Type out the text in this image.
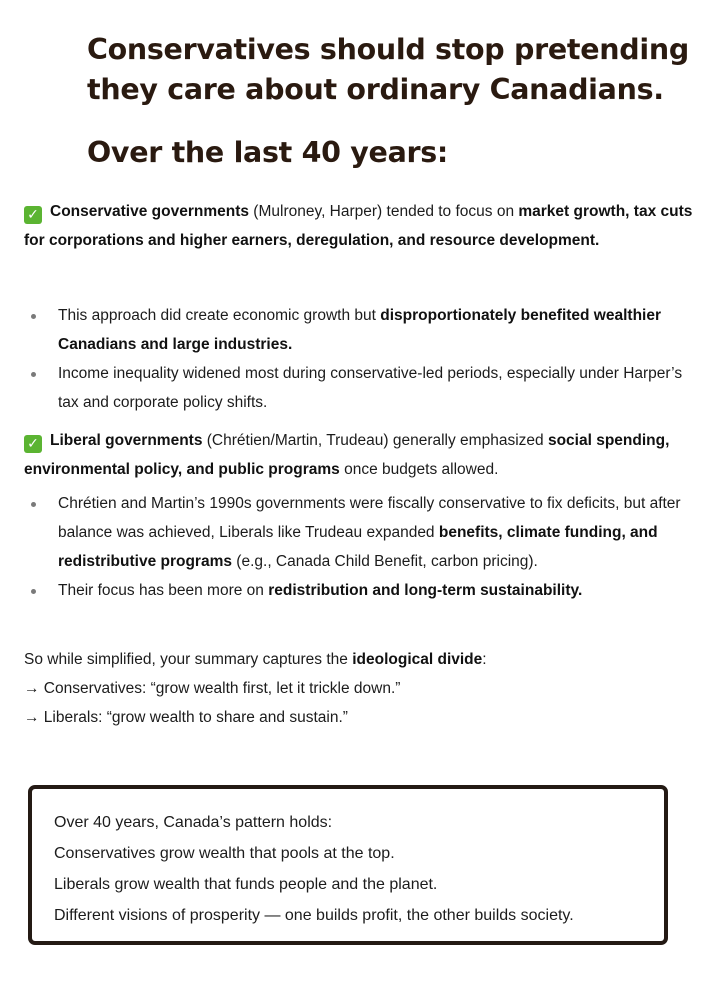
Conservatives should stop pretending
they care about ordinary Canadians.
Over the last 40 years:
✓ Conservative governments (Mulroney, Harper) tended to focus on market growth, tax cuts for corporations and higher earners, deregulation, and resource development.
This approach did create economic growth but disproportionately benefited wealthier Canadians and large industries.
Income inequality widened most during conservative-led periods, especially under Harper’s tax and corporate policy shifts.
✓ Liberal governments (Chrétien/Martin, Trudeau) generally emphasized social spending, environmental policy, and public programs once budgets allowed.
Chrétien and Martin’s 1990s governments were fiscally conservative to fix deficits, but after balance was achieved, Liberals like Trudeau expanded benefits, climate funding, and redistributive programs (e.g., Canada Child Benefit, carbon pricing).
Their focus has been more on redistribution and long-term sustainability.
So while simplified, your summary captures the ideological divide:
→ Conservatives: “grow wealth first, let it trickle down.”
→ Liberals: “grow wealth to share and sustain.”
Over 40 years, Canada’s pattern holds:
Conservatives grow wealth that pools at the top.
Liberals grow wealth that funds people and the planet.
Different visions of prosperity — one builds profit, the other builds society.
